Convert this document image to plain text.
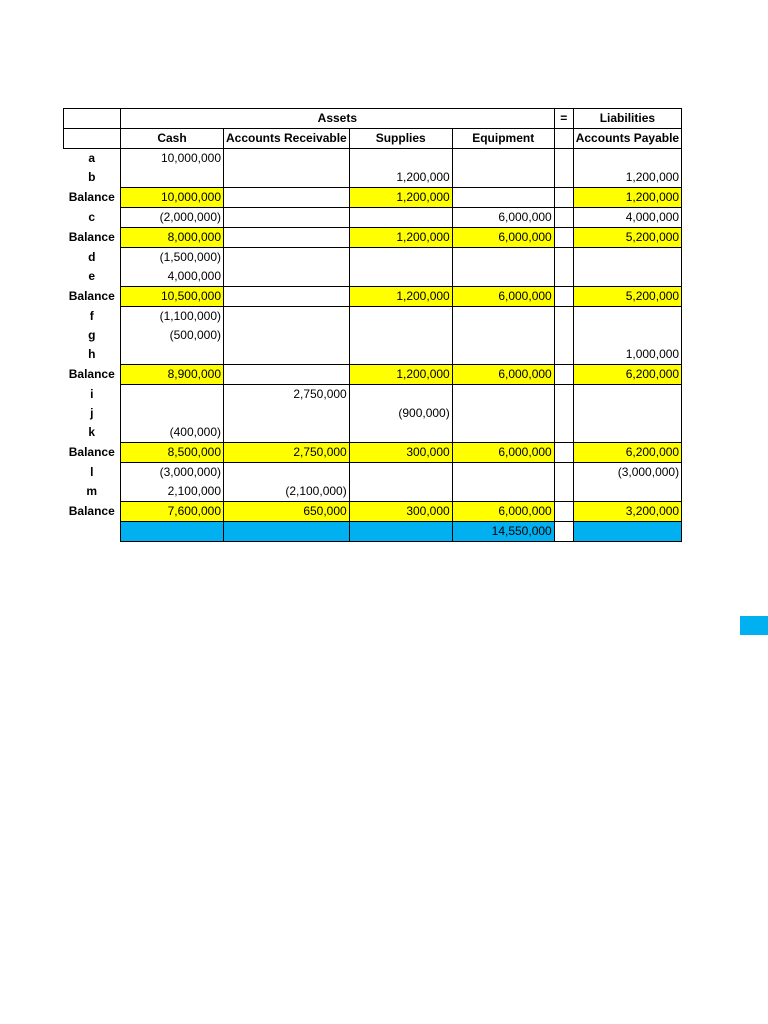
	Assets				=	Liabilities
	Cash	Accounts Receivable	Supplies	Equipment		Accounts Payable
a	10,000,000					
b			1,200,000			1,200,000
Balance	10,000,000		1,200,000			1,200,000
c	(2,000,000)			6,000,000		4,000,000
Balance	8,000,000		1,200,000	6,000,000		5,200,000
d	(1,500,000)					
e	4,000,000					
Balance	10,500,000		1,200,000	6,000,000		5,200,000
f	(1,100,000)					
g	(500,000)					
h						1,000,000
Balance	8,900,000		1,200,000	6,000,000		6,200,000
i		2,750,000				
j			(900,000)			
k	(400,000)					
Balance	8,500,000	2,750,000	300,000	6,000,000		6,200,000
l	(3,000,000)					(3,000,000)
m	2,100,000	(2,100,000)				
Balance	7,600,000	650,000	300,000	6,000,000		3,200,000
				14,550,000		
